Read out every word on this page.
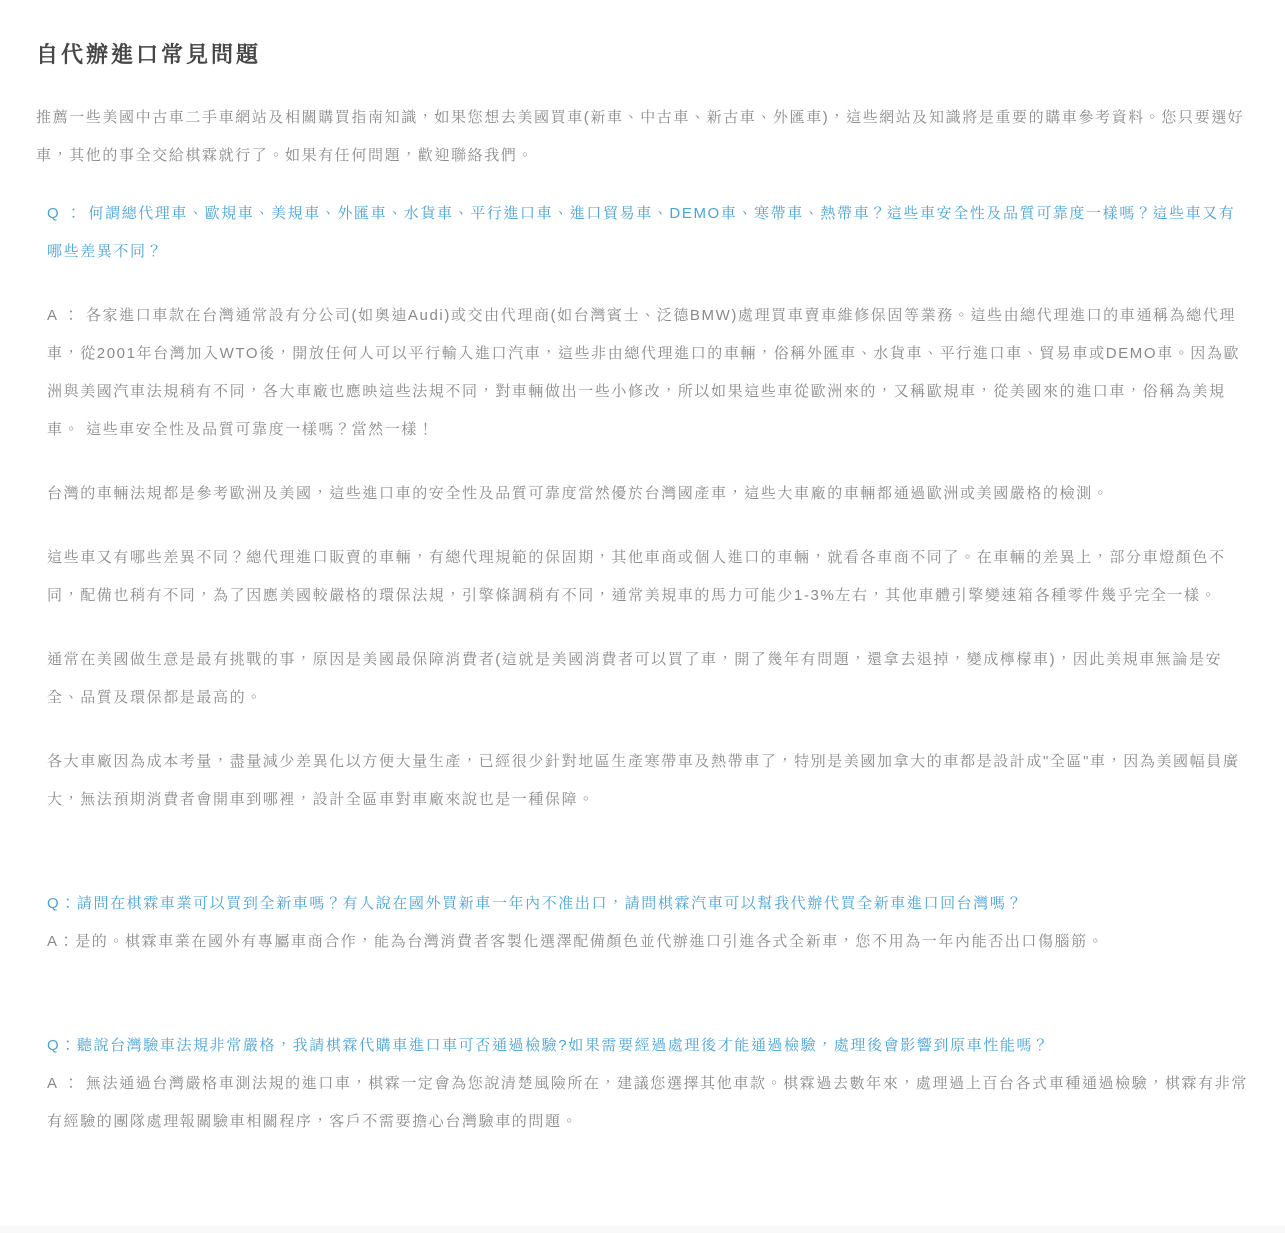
自代辦進口常見問題

推薦一些美國中古車二手車網站及相關購買指南知識，如果您想去美國買車(新車、中古車、新古車、外匯車)，這些網站及知識將是重要的購車參考資料。您只要選好車，其他的事全交給棋霖就行了。如果有任何問題，歡迎聯絡我們。

Q ： 何謂總代理車、歐規車、美規車、外匯車、水貨車、平行進口車、進口貿易車、DEMO車、寒帶車、熱帶車？這些車安全性及品質可靠度一樣嗎？這些車又有哪些差異不同？

A ： 各家進口車款在台灣通常設有分公司(如奧迪Audi)或交由代理商(如台灣賓士、泛德BMW)處理買車賣車維修保固等業務。這些由總代理進口的車通稱為總代理車，從2001年台灣加入WTO後，開放任何人可以平行輸入進口汽車，這些非由總代理進口的車輛，俗稱外匯車、水貨車、平行進口車、貿易車或DEMO車。因為歐洲與美國汽車法規稍有不同，各大車廠也應映這些法規不同，對車輛做出一些小修改，所以如果這些車從歐洲來的，又稱歐規車，從美國來的進口車，俗稱為美規車。 這些車安全性及品質可靠度一樣嗎？當然一樣！

台灣的車輛法規都是參考歐洲及美國，這些進口車的安全性及品質可靠度當然優於台灣國產車，這些大車廠的車輛都通過歐洲或美國嚴格的檢測。

這些車又有哪些差異不同？總代理進口販賣的車輛，有總代理規範的保固期，其他車商或個人進口的車輛，就看各車商不同了。在車輛的差異上，部分車燈顏色不同，配備也稍有不同，為了因應美國較嚴格的環保法規，引擎條調稍有不同，通常美規車的馬力可能少1-3%左右，其他車體引擎變速箱各種零件幾乎完全一樣。

通常在美國做生意是最有挑戰的事，原因是美國最保障消費者(這就是美國消費者可以買了車，開了幾年有問題，還拿去退掉，變成檸檬車)，因此美規車無論是安全、品質及環保都是最高的。

各大車廠因為成本考量，盡量減少差異化以方便大量生產，已經很少針對地區生產寒帶車及熱帶車了，特別是美國加拿大的車都是設計成"全區"車，因為美國幅員廣大，無法預期消費者會開車到哪裡，設計全區車對車廠來說也是一種保障。

Q：請問在棋霖車業可以買到全新車嗎？有人說在國外買新車一年內不准出口，請問棋霖汽車可以幫我代辦代買全新車進口回台灣嗎？

A：是的。棋霖車業在國外有專屬車商合作，能為台灣消費者客製化選澤配備顏色並代辦進口引進各式全新車，您不用為一年內能否出口傷腦筋。

Q：聽說台灣驗車法規非常嚴格，我請棋霖代購車進口車可否通過檢驗?如果需要經過處理後才能通過檢驗，處理後會影響到原車性能嗎？

A ： 無法通過台灣嚴格車測法規的進口車，棋霖一定會為您說清楚風險所在，建議您選擇其他車款。棋霖過去數年來，處理過上百台各式車種通過檢驗，棋霖有非常有經驗的團隊處理報關驗車相關程序，客戶不需要擔心台灣驗車的問題。
